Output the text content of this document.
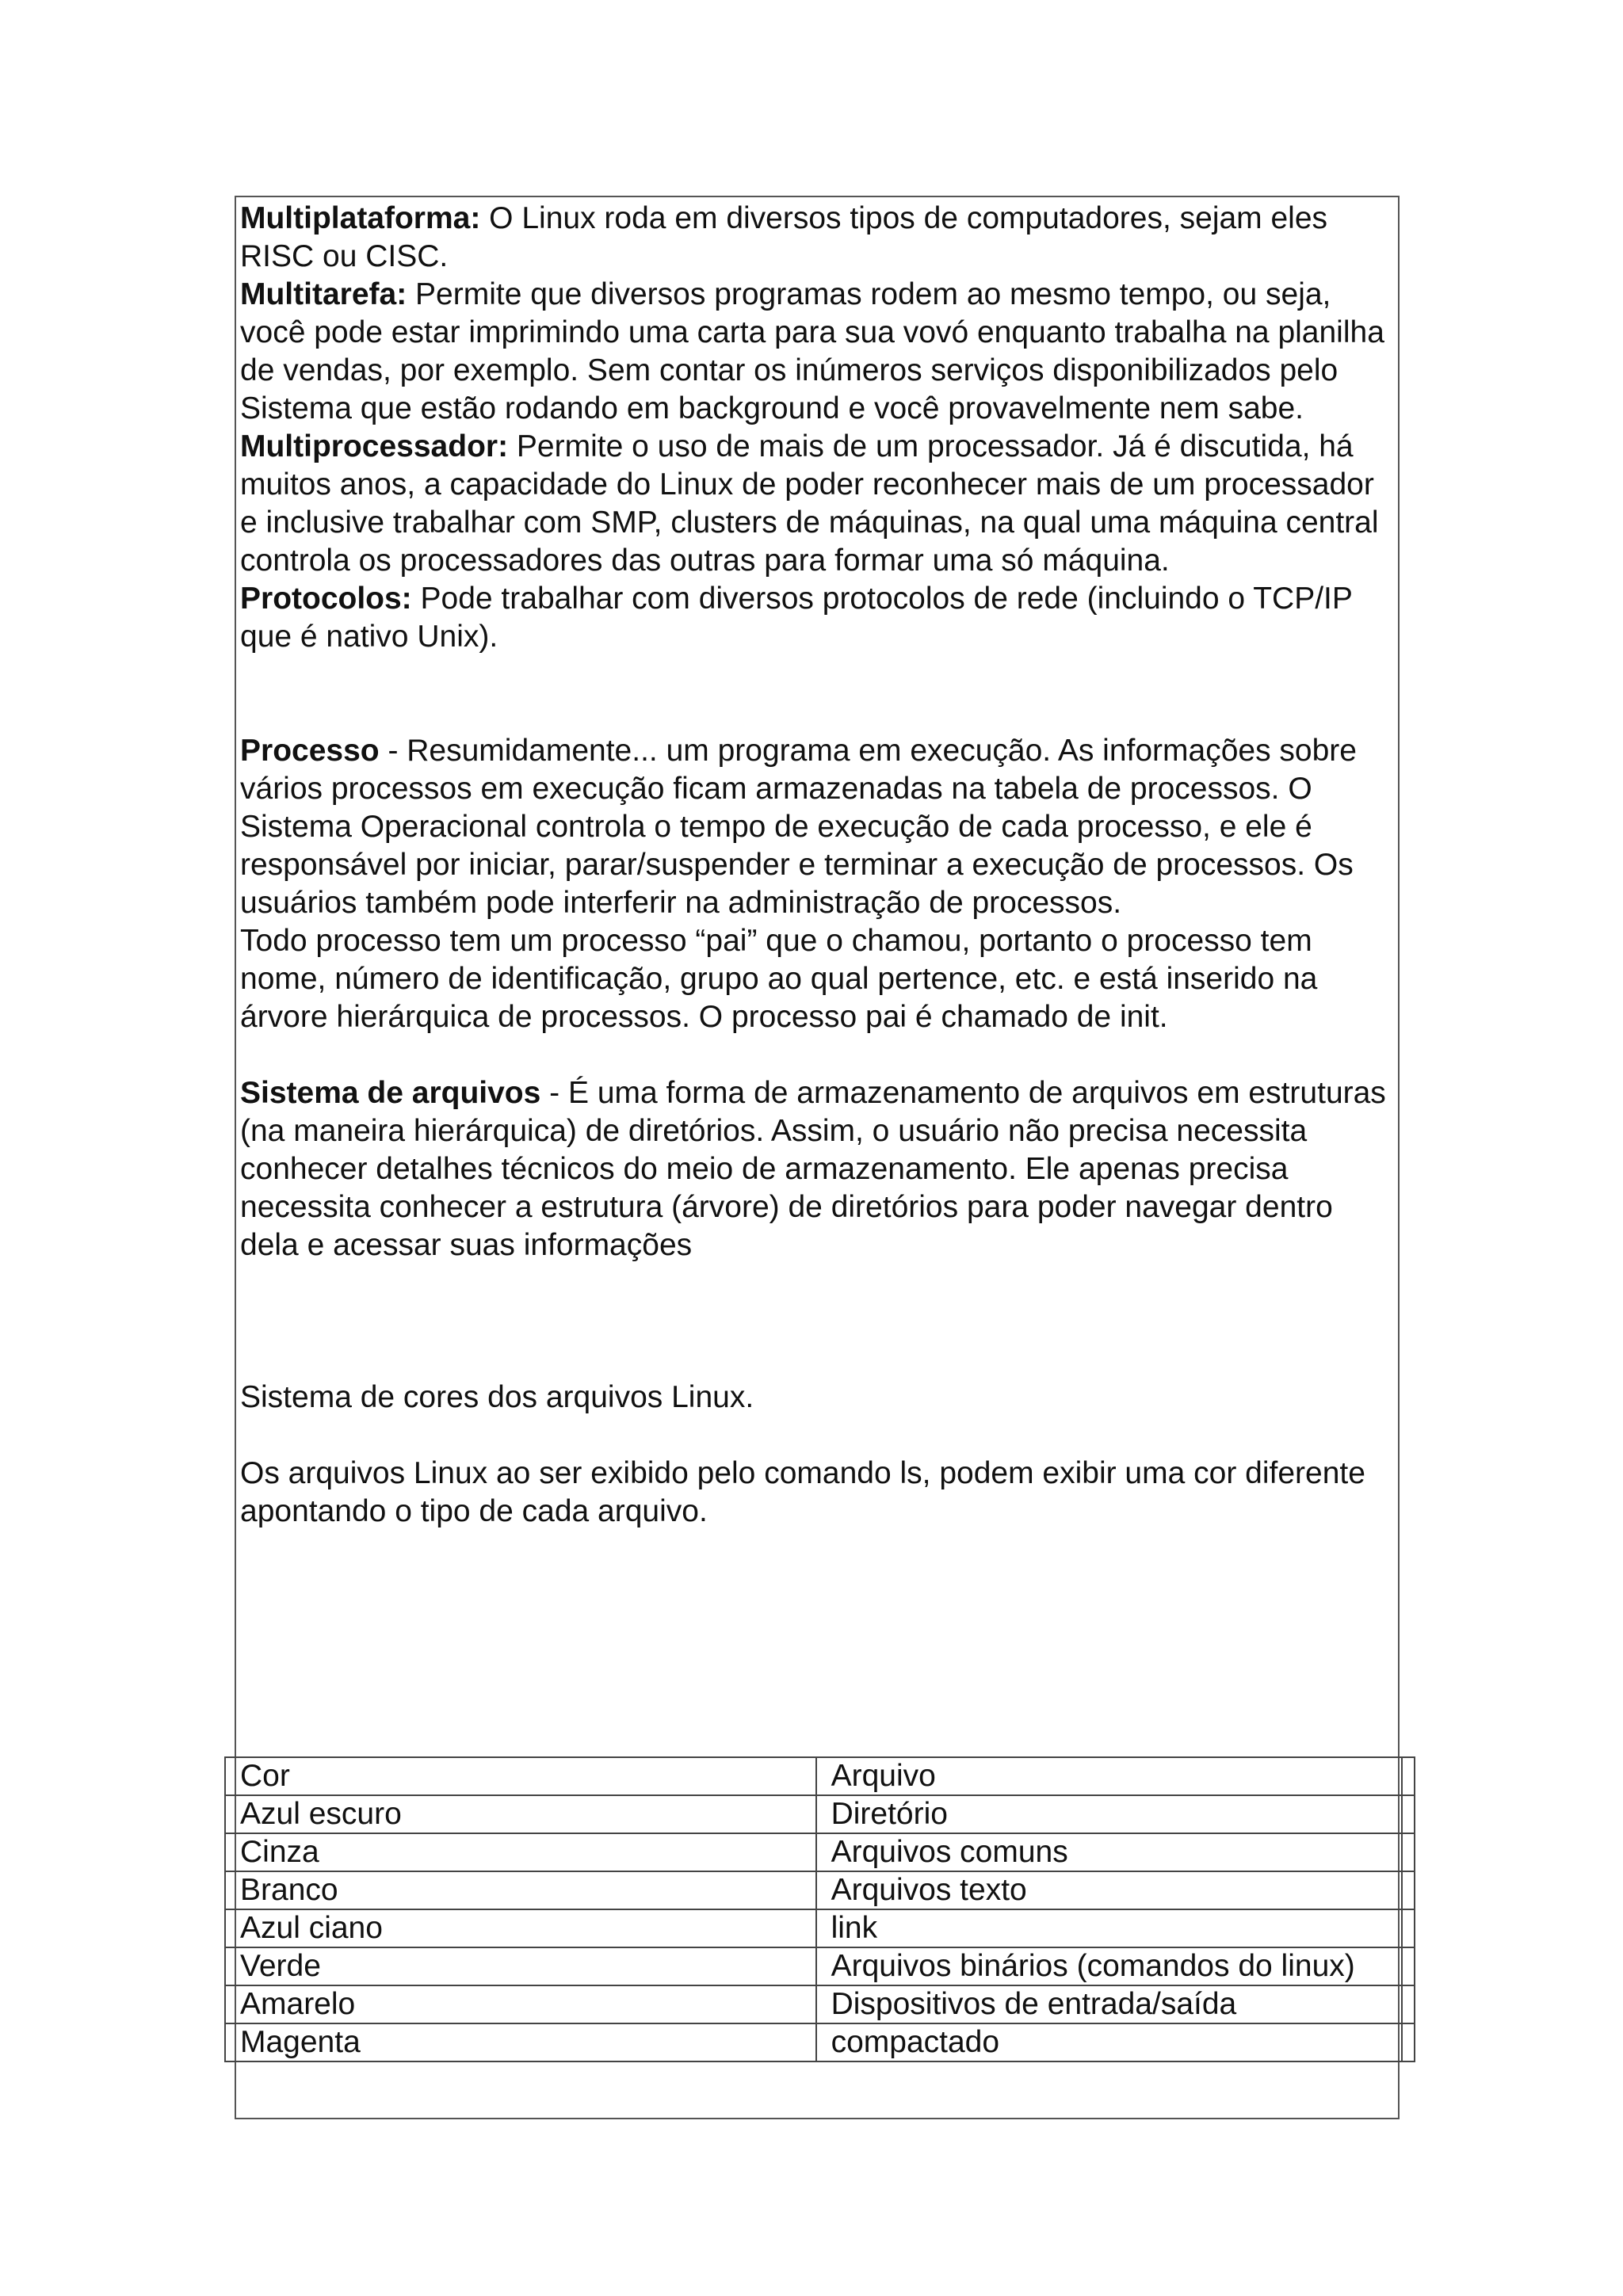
Multiplataforma: O Linux roda em diversos tipos de computadores, sejam eles RISC ou CISC.

Multitarefa: Permite que diversos programas rodem ao mesmo tempo, ou seja, você pode estar imprimindo uma carta para sua vovó enquanto trabalha na planilha de vendas, por exemplo. Sem contar os inúmeros serviços disponibilizados pelo Sistema que estão rodando em background e você provavelmente nem sabe.

Multiprocessador: Permite o uso de mais de um processador. Já é discutida, há muitos anos, a capacidade do Linux de poder reconhecer mais de um processador e inclusive trabalhar com SMP, clusters de máquinas, na qual uma máquina central controla os processadores das outras para formar uma só máquina.

Protocolos: Pode trabalhar com diversos protocolos de rede (incluindo o TCP/IP que é nativo Unix).

Processo - Resumidamente... um programa em execução. As informações sobre vários processos em execução ficam armazenadas na tabela de processos. O Sistema Operacional controla o tempo de execução de cada processo, e ele é responsável por iniciar, parar/suspender e terminar a execução de processos. Os usuários também pode interferir na administração de processos.

Todo processo tem um processo “pai” que o chamou, portanto o processo tem nome, número de identificação, grupo ao qual pertence, etc. e está inserido na árvore hierárquica de processos. O processo pai é chamado de init.

Sistema de arquivos - É uma forma de armazenamento de arquivos em estruturas (na maneira hierárquica) de diretórios. Assim, o usuário não precisa necessita conhecer detalhes técnicos do meio de armazenamento. Ele apenas precisa necessita conhecer a estrutura (árvore) de diretórios para poder navegar dentro dela e acessar suas informações

Sistema de cores dos arquivos Linux.

Os arquivos Linux ao ser exibido pelo comando ls, podem exibir uma cor diferente apontando o tipo de cada arquivo.

Cor	Arquivo	
Azul escuro	Diretório	
Cinza	Arquivos comuns	
Branco	Arquivos texto	
Azul ciano	link	
Verde	Arquivos binários (comandos do linux)	
Amarelo	Dispositivos de entrada/saída	
Magenta	compactado	
